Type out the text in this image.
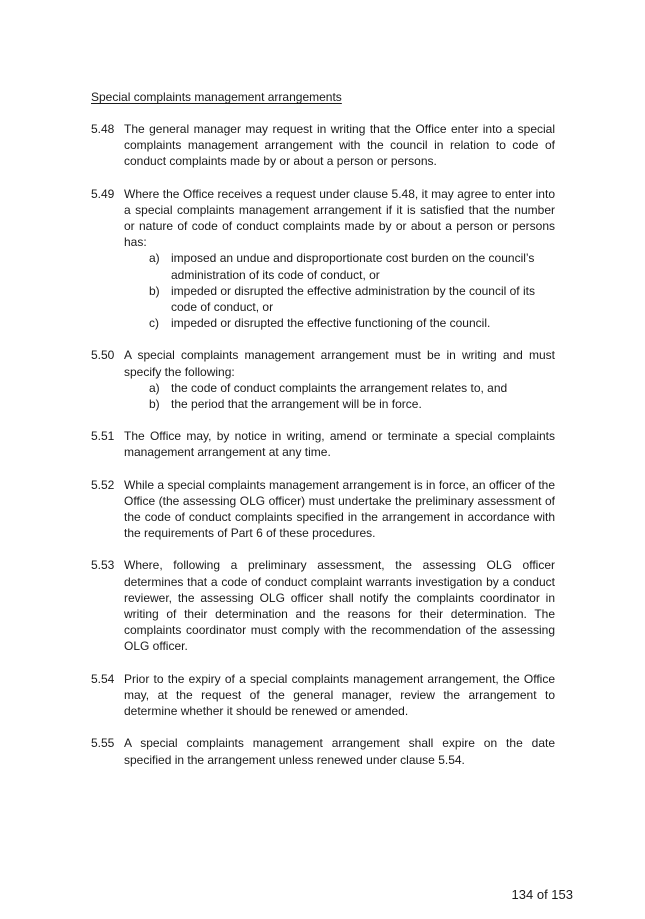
Special complaints management arrangements
5.48 The general manager may request in writing that the Office enter into a special complaints management arrangement with the council in relation to code of conduct complaints made by or about a person or persons.
5.49 Where the Office receives a request under clause 5.48, it may agree to enter into a special complaints management arrangement if it is satisfied that the number or nature of code of conduct complaints made by or about a person or persons has:
a) imposed an undue and disproportionate cost burden on the council’s administration of its code of conduct, or
b) impeded or disrupted the effective administration by the council of its code of conduct, or
c)	impeded or disrupted the effective functioning of the council.
5.50 A special complaints management arrangement must be in writing and must specify the following:
a) the code of conduct complaints the arrangement relates to, and
b) the period that the arrangement will be in force.
5.51 The Office may, by notice in writing, amend or terminate a special complaints management arrangement at any time.
5.52 While a special complaints management arrangement is in force, an officer of the Office (the assessing OLG officer) must undertake the preliminary assessment of the code of conduct complaints specified in the arrangement in accordance with the requirements of Part 6 of these procedures.
5.53 Where, following a preliminary assessment, the assessing OLG officer determines that a code of conduct complaint warrants investigation by a conduct reviewer, the assessing OLG officer shall notify the complaints coordinator in writing of their determination and the reasons for their determination. The complaints coordinator must comply with the recommendation of the assessing OLG officer.
5.54 Prior to the expiry of a special complaints management arrangement, the Office may, at the request of the general manager, review the arrangement to determine whether it should be renewed or amended.
5.55 A special complaints management arrangement shall expire on the date specified in the arrangement unless renewed under clause 5.54.
134 of 153
